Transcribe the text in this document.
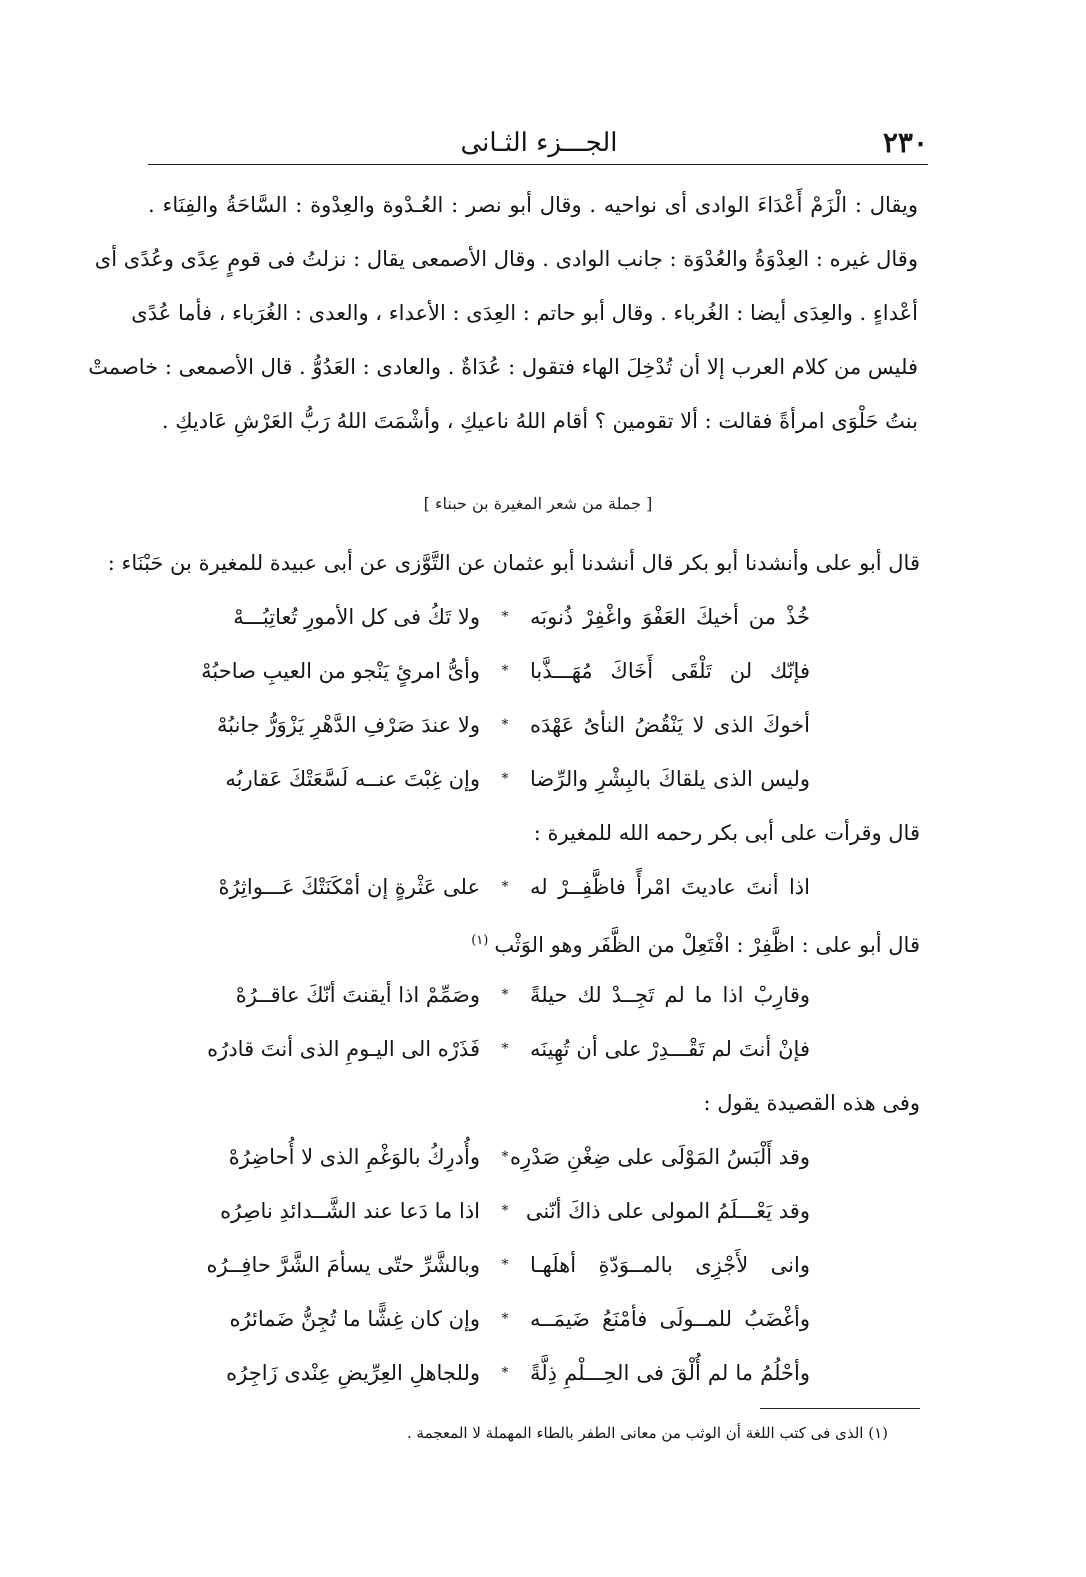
٢٣٠
الجـــزء الثـانى
ويقال : الْزَمْ أَعْدَاءَ الوادى أى نواحيه . وقال أبو نصر : العُـدْوة والعِدْوة : السَّاحَةُ والفِنَاء .
وقال غيره : العِدْوَةُ والعُدْوَة : جانب الوادى . وقال الأصمعى يقال : نزلتُ فى قومٍ عِدًى وعُدًى أى
أعْداءٍ . والعِدَى أيضا : الغُرباء . وقال أبو حاتم : العِدَى : الأعداء ، والعدى : الغُرَباء ، فأما عُدًى
فليس من كلام العرب إلا أن تُدْخِلَ الهاء فتقول : عُدَاةٌ . والعادى : العَدُوُّ . قال الأصمعى : خاصمتْ
بنتُ حَلْوَى امرأةً فقالت : ألا تقومين ؟ أقام اللهُ ناعيكِ ، وأشْمَتَ اللهُ رَبُّ العَرْشِ عَاديكِ .
[ جملة من شعر المغيرة بن حبناء ]
قال أبو على وأنشدنا أبو بكر قال أنشدنا أبو عثمان عن التَّوَّزى عن أبى عبيدة للمغيرة بن حَبْنَاء :
خُذْ من أخيكَ العَفْوَ واغْفِرْ ذُنوبَه
*
ولا تَكُ فى كل الأمورِ تُعاتِبُـــهْ
فإنّك لن تَلْقَى أَخَاكَ مُهَـــذَّبا
*
وأىُّ امرئٍ يَنْجو من العيبِ صاحبُهْ
أخوكَ الذى لا يَنْقُضُ النأىُ عَهْدَه
*
ولا عندَ صَرْفِ الدَّهْرِ يَزْوَرُّ جانبُهْ
وليس الذى يلقاكَ بالبِشْرِ والرِّضا
*
وإن غِبْتَ عنــه لَسَّعَتْكَ عَقاربُه
قال وقرأت على أبى بكر رحمه الله للمغيرة :
اذا أنتَ عاديتَ امْرأً فاظَّفِــرْ له
*
على عَثْرةٍ إن أمْكَنَتْكَ عَـــواثِرُهْ
قال أبو على : اظَّفِرْ : افْتَعِلْ من الظَّفَر وهو الوَثْب$^{(١)}$
وقارِبْ اذا ما لم تَجِــدْ لك حيلةً
*
وصَمِّمْ اذا أيقنتَ أنّكَ عاقــرُهْ
فإنْ أنتَ لم تَقْـــدِرْ على أن تُهِينَه
*
فَذَرْه الى اليـومِ الذى أنتَ قادرُه
وفى هذه القصيدة يقول :
وقد أَلْبَسُ المَوْلَى على ضِغْنِ صَدْرِه
*
وأُدرِكُ بالوَغْمِ الذى لا أُحاضِرُهْ
وقد يَعْـــلَمُ المولى على ذاكَ أنّنى
*
اذا ما دَعا عند الشَّــدائدِ ناصِرُه
وانى لأَجْزِى بالمــوَدّةِ أهلَهـا
*
وبالشَّرِّ حتّى يسأمَ الشَّرَّ حافِــرُه
وأغْضَبُ للمــولَى فأمْنَعُ ضَيمَــه
*
وإن كان غِشًّا ما تُجِنُّ ضَمائرُه
وأحْلُمُ ما لم أُلْقَ فى الحِـــلْمِ ذِلَّةً
*
وللجاهلِ العِرِّيضِ عِنْدى زَاجِرُه
(١) الذى فى كتب اللغة أن الوثب من معانى الطفر بالطاء المهملة لا المعجمة .
